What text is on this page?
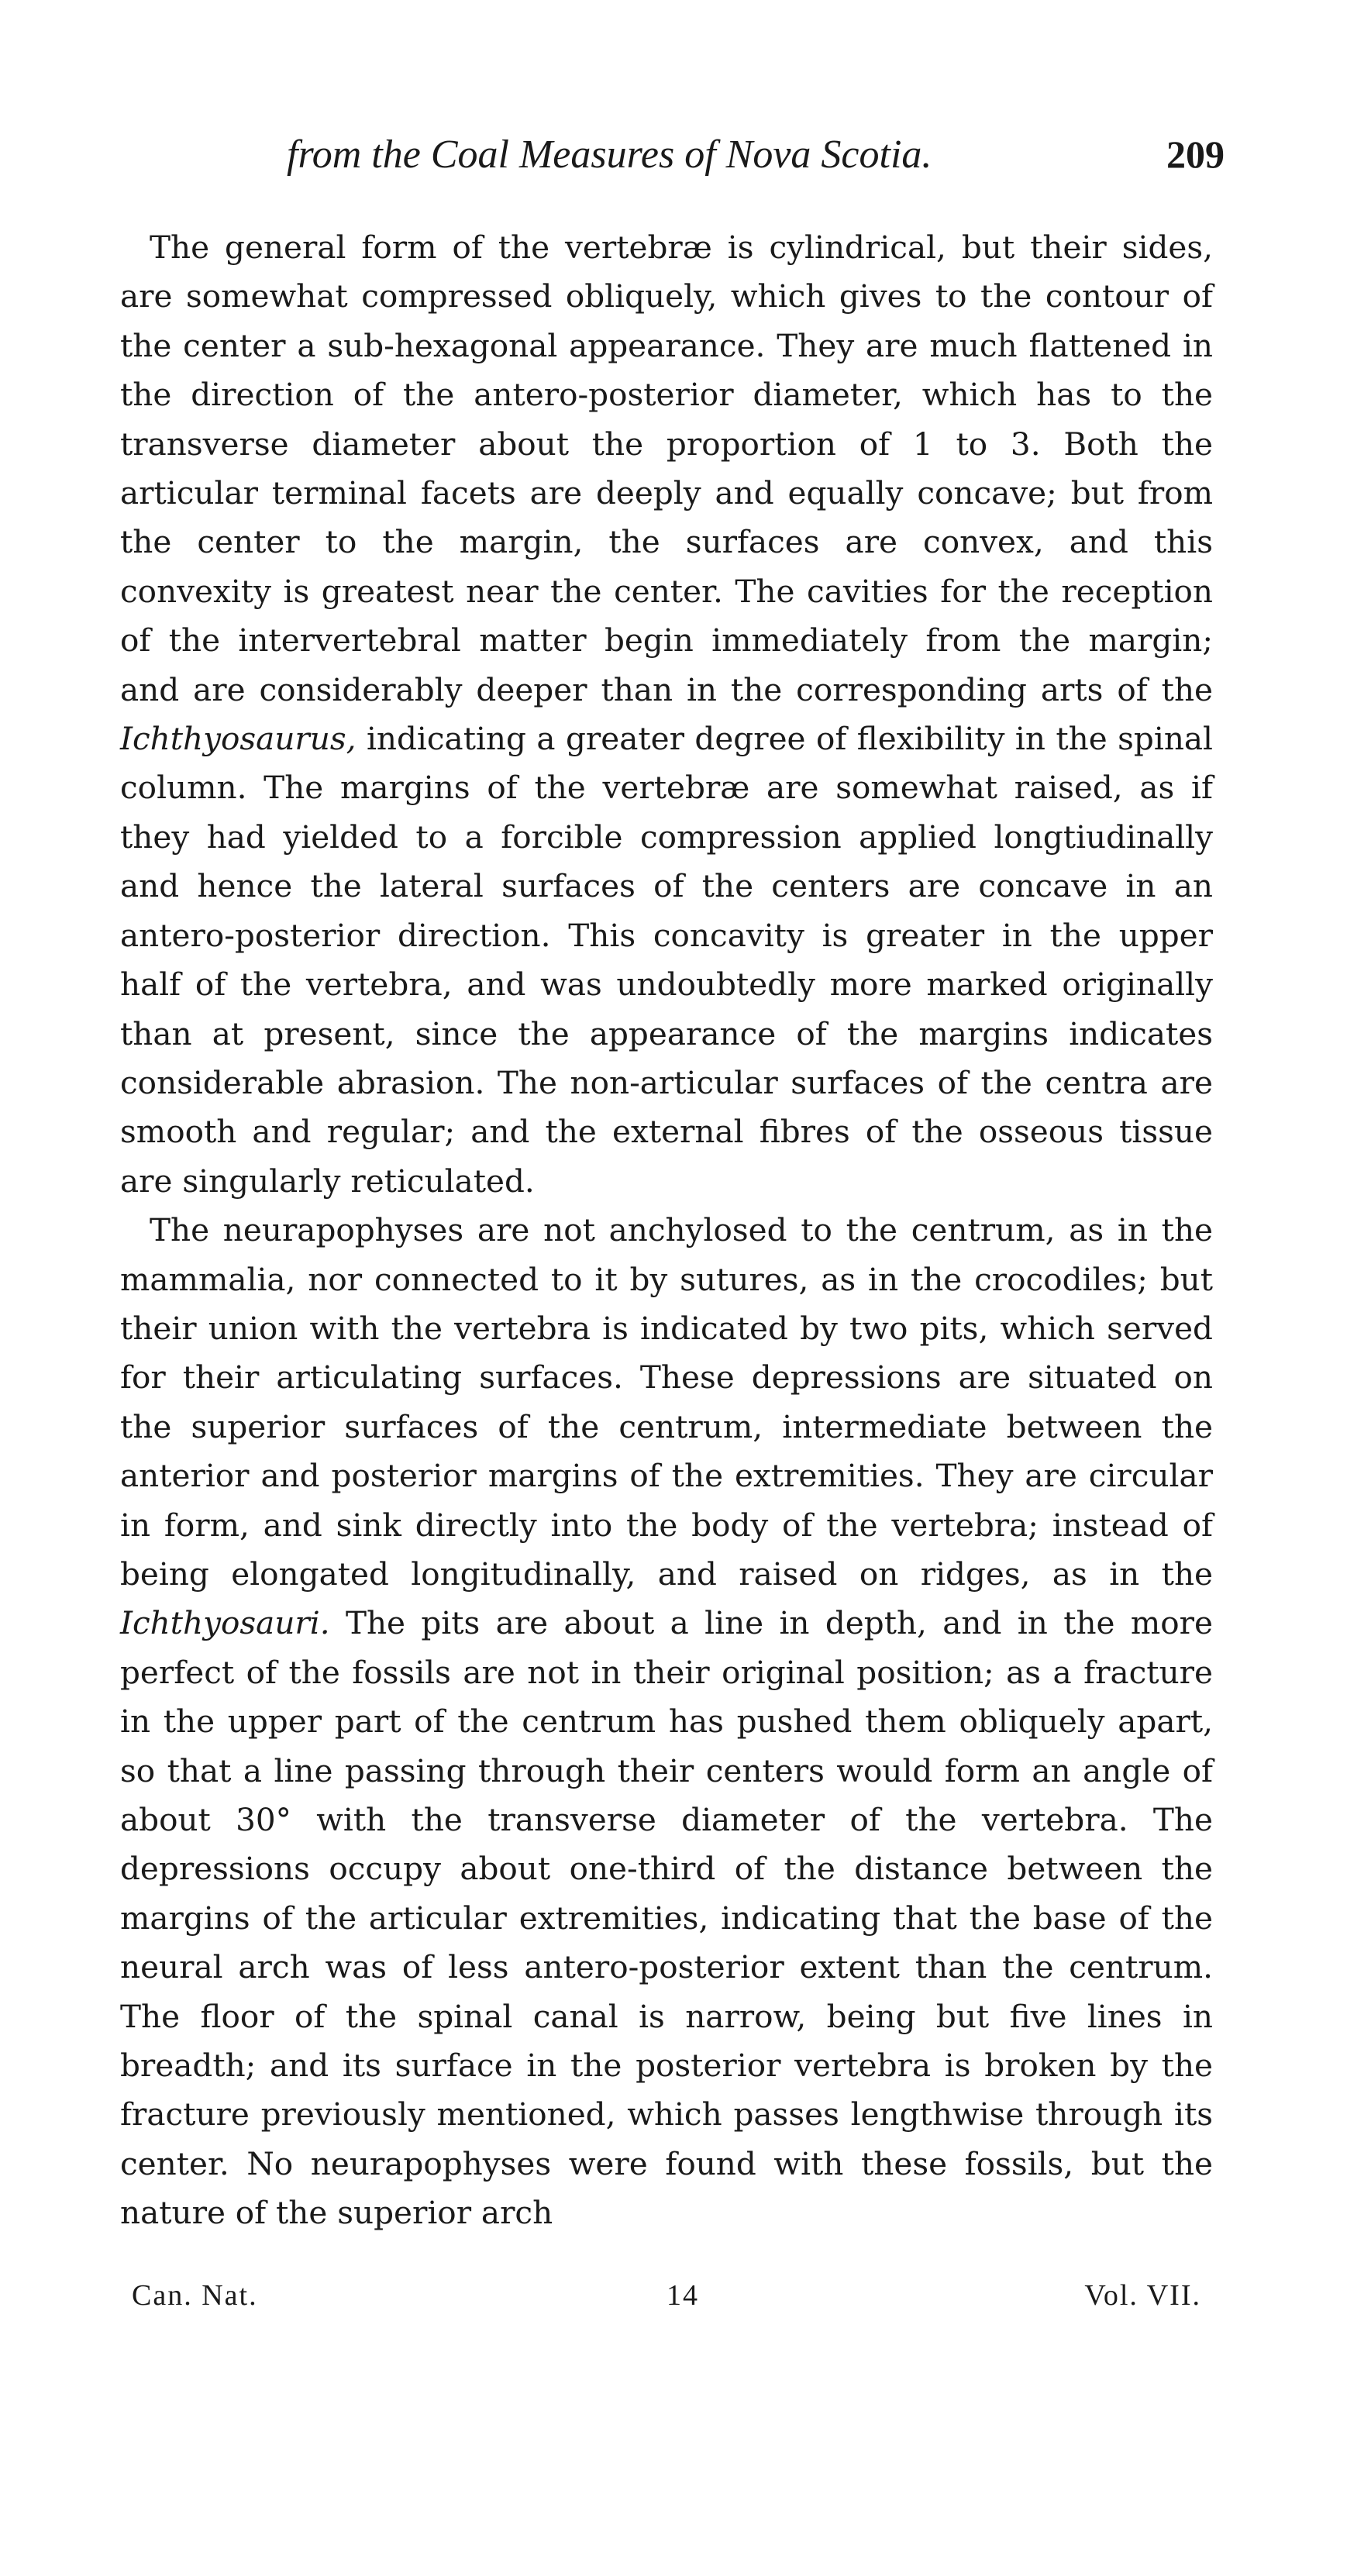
from the Coal Measures of Nova Scotia.	209

The general form of the vertebræ is cylindrical, but their sides, are somewhat compressed obliquely, which gives to the contour of the center a sub-hexagonal appearance. They are much flattened in the direction of the antero-posterior diameter, which has to the transverse diameter about the proportion of 1 to 3. Both the articular terminal facets are deeply and equally concave; but from the center to the margin, the surfaces are convex, and this convexity is greatest near the center. The cavities for the reception of the intervertebral matter begin immediately from the margin; and are considerably deeper than in the corresponding arts of the Ichthyosaurus, indicating a greater degree of flexibility in the spinal column. The margins of the vertebræ are somewhat raised, as if they had yielded to a forcible compression applied longtiudinally and hence the lateral surfaces of the centers are concave in an antero-posterior direction. This concavity is greater in the upper half of the vertebra, and was undoubtedly more marked originally than at present, since the appearance of the margins indicates considerable abrasion. The non-articular surfaces of the centra are smooth and regular; and the external fibres of the osseous tissue are singularly reticulated.

The neurapophyses are not anchylosed to the centrum, as in the mammalia, nor connected to it by sutures, as in the crocodiles; but their union with the vertebra is indicated by two pits, which served for their articulating surfaces. These depressions are situated on the superior surfaces of the centrum, intermediate between the anterior and posterior margins of the extremities. They are circular in form, and sink directly into the body of the vertebra; instead of being elongated longitudinally, and raised on ridges, as in the Ichthyosauri. The pits are about a line in depth, and in the more perfect of the fossils are not in their original position; as a fracture in the upper part of the centrum has pushed them obliquely apart, so that a line passing through their centers would form an angle of about 30° with the transverse diameter of the vertebra. The depressions occupy about one-third of the distance between the margins of the articular extremities, indicating that the base of the neural arch was of less antero-posterior extent than the centrum. The floor of the spinal canal is narrow, being but five lines in breadth; and its surface in the posterior vertebra is broken by the fracture previously mentioned, which passes lengthwise through its center. No neurapophyses were found with these fossils, but the nature of the superior arch

Can. Nat.	14	Vol. VII.
